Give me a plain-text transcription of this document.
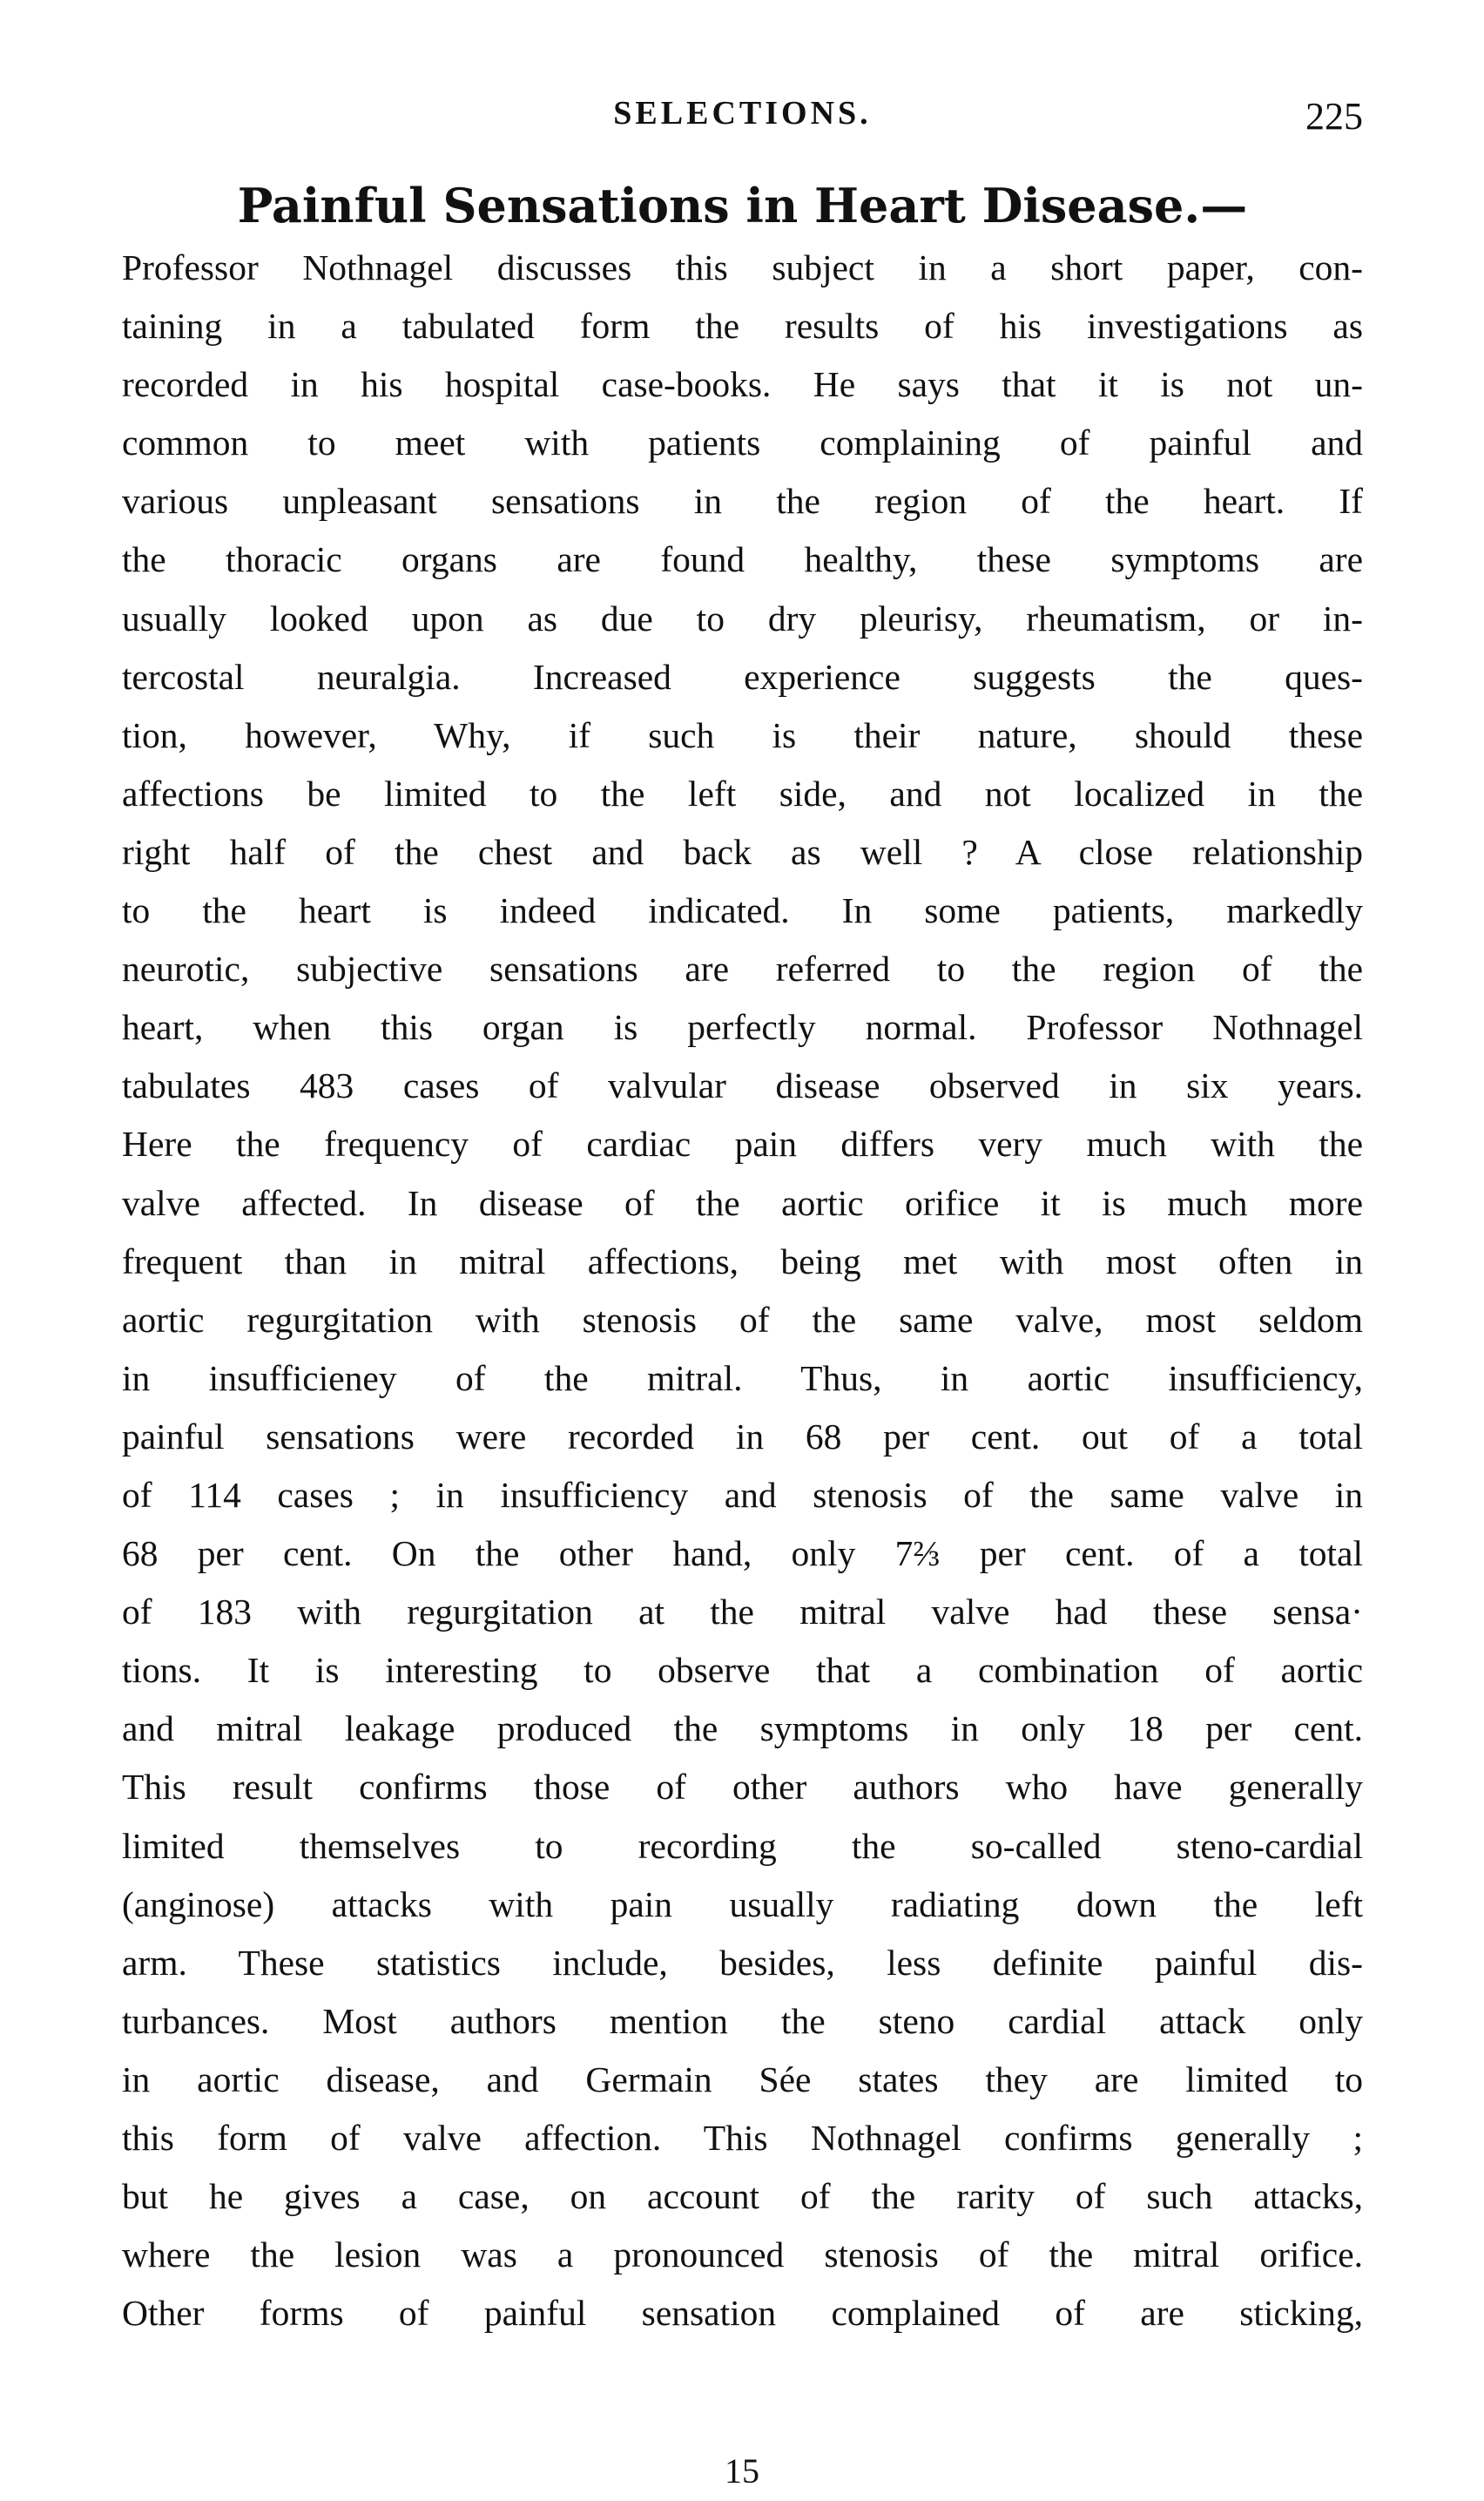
SELECTIONS.	225
Painful Sensations in Heart Disease.—
Professor Nothnagel discusses this subject in a short paper, con-
taining in a tabulated form the results of his investigations as
recorded in his hospital case-books. He says that it is not un-
common to meet with patients complaining of painful and
various unpleasant sensations in the region of the heart. If
the thoracic organs are found healthy, these symptoms are
usually looked upon as due to dry pleurisy, rheumatism, or in-
tercostal neuralgia. Increased experience suggests the ques-
tion, however, Why, if such is their nature, should these
affections be limited to the left side, and not localized in the
right half of the chest and back as well ? A close relationship
to the heart is indeed indicated. In some patients, markedly
neurotic, subjective sensations are referred to the region of the
heart, when this organ is perfectly normal. Professor Nothnagel
tabulates 483 cases of valvular disease observed in six years.
Here the frequency of cardiac pain differs very much with the
valve affected. In disease of the aortic orifice it is much more
frequent than in mitral affections, being met with most often in
aortic regurgitation with stenosis of the same valve, most seldom
in insufficieney of the mitral. Thus, in aortic insufficiency,
painful sensations were recorded in 68 per cent. out of a total
of 114 cases ; in insufficiency and stenosis of the same valve in
68 per cent. On the other hand, only 7⅔ per cent. of a total
of 183 with regurgitation at the mitral valve had these sensa·
tions. It is interesting to observe that a combination of aortic
and mitral leakage produced the symptoms in only 18 per cent.
This result confirms those of other authors who have generally
limited themselves to recording the so-called steno-cardial
(anginose) attacks with pain usually radiating down the left
arm. These statistics include, besides, less definite painful dis-
turbances. Most authors mention the steno cardial attack only
in aortic disease, and Germain Sée states they are limited to
this form of valve affection. This Nothnagel confirms generally ;
but he gives a case, on account of the rarity of such attacks,
where the lesion was a pronounced stenosis of the mitral orifice.
Other forms of painful sensation complained of are sticking,
15
